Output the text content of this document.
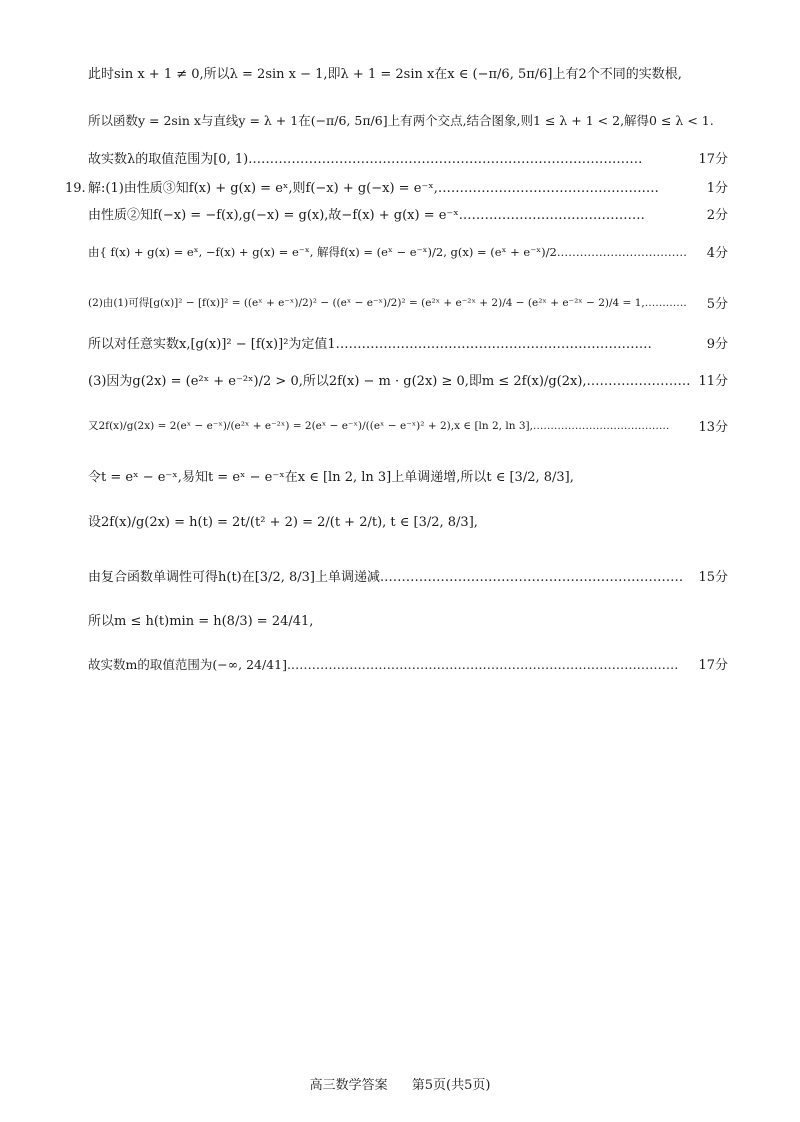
此时sin x + 1 ≠ 0,所以λ = 2sin x − 1,即λ + 1 = 2sin x在x ∈ (−π/6, 5π/6]上有2个不同的实数根,
所以函数y = 2sin x与直线y = λ + 1在(−π/6, 5π/6]上有两个交点,结合图象,则1 ≤ λ + 1 < 2,解得0 ≤ λ < 1.
故实数λ的取值范围为[0, 1).………………………………………………………………………………	17分
19. 解:(1)由性质③知f(x) + g(x) = eˣ,则f(−x) + g(−x) = e⁻ˣ,……………………………………………	1分
由性质②知f(−x) = −f(x),g(−x) = g(x),故−f(x) + g(x) = e⁻ˣ.……………………………………	2分
由{ f(x) + g(x) = eˣ, −f(x) + g(x) = e⁻ˣ, 解得f(x) = (eˣ − e⁻ˣ)/2, g(x) = (eˣ + e⁻ˣ)/2.…………………………… 4分
(2)由(1)可得[g(x)]² − [f(x)]² = ((eˣ + e⁻ˣ)/2)² − ((eˣ − e⁻ˣ)/2)² = (e²ˣ + e⁻²ˣ + 2)/4 − (e²ˣ + e⁻²ˣ − 2)/4 = 1,………… 5分
所以对任意实数x,[g(x)]² − [f(x)]²为定值1.………………………………………………………………	9分
(3)因为g(2x) = (e²ˣ + e⁻²ˣ)/2 > 0,所以2f(x) − m · g(2x) ≥ 0,即m ≤ 2f(x)/g(2x),…………………… 11分
又2f(x)/g(2x) = 2(eˣ − e⁻ˣ)/(e²ˣ + e⁻²ˣ) = 2(eˣ − e⁻ˣ)/((eˣ − e⁻ˣ)² + 2),x ∈ [ln 2, ln 3],………………………………… 13分
令t = eˣ − e⁻ˣ,易知t = eˣ − e⁻ˣ在x ∈ [ln 2, ln 3]上单调递增,所以t ∈ [3/2, 8/3],
设2f(x)/g(2x) = h(t) = 2t/(t² + 2) = 2/(t + 2/t), t ∈ [3/2, 8/3],
由复合函数单调性可得h(t)在[3/2, 8/3]上单调递减.…………………………………………………………… 15分
所以m ≤ h(t)min = h(8/3) = 24/41,
故实数m的取值范围为(−∞, 24/41].………………………………………………………………………………… 17分
高三数学答案 第5页(共5页)
